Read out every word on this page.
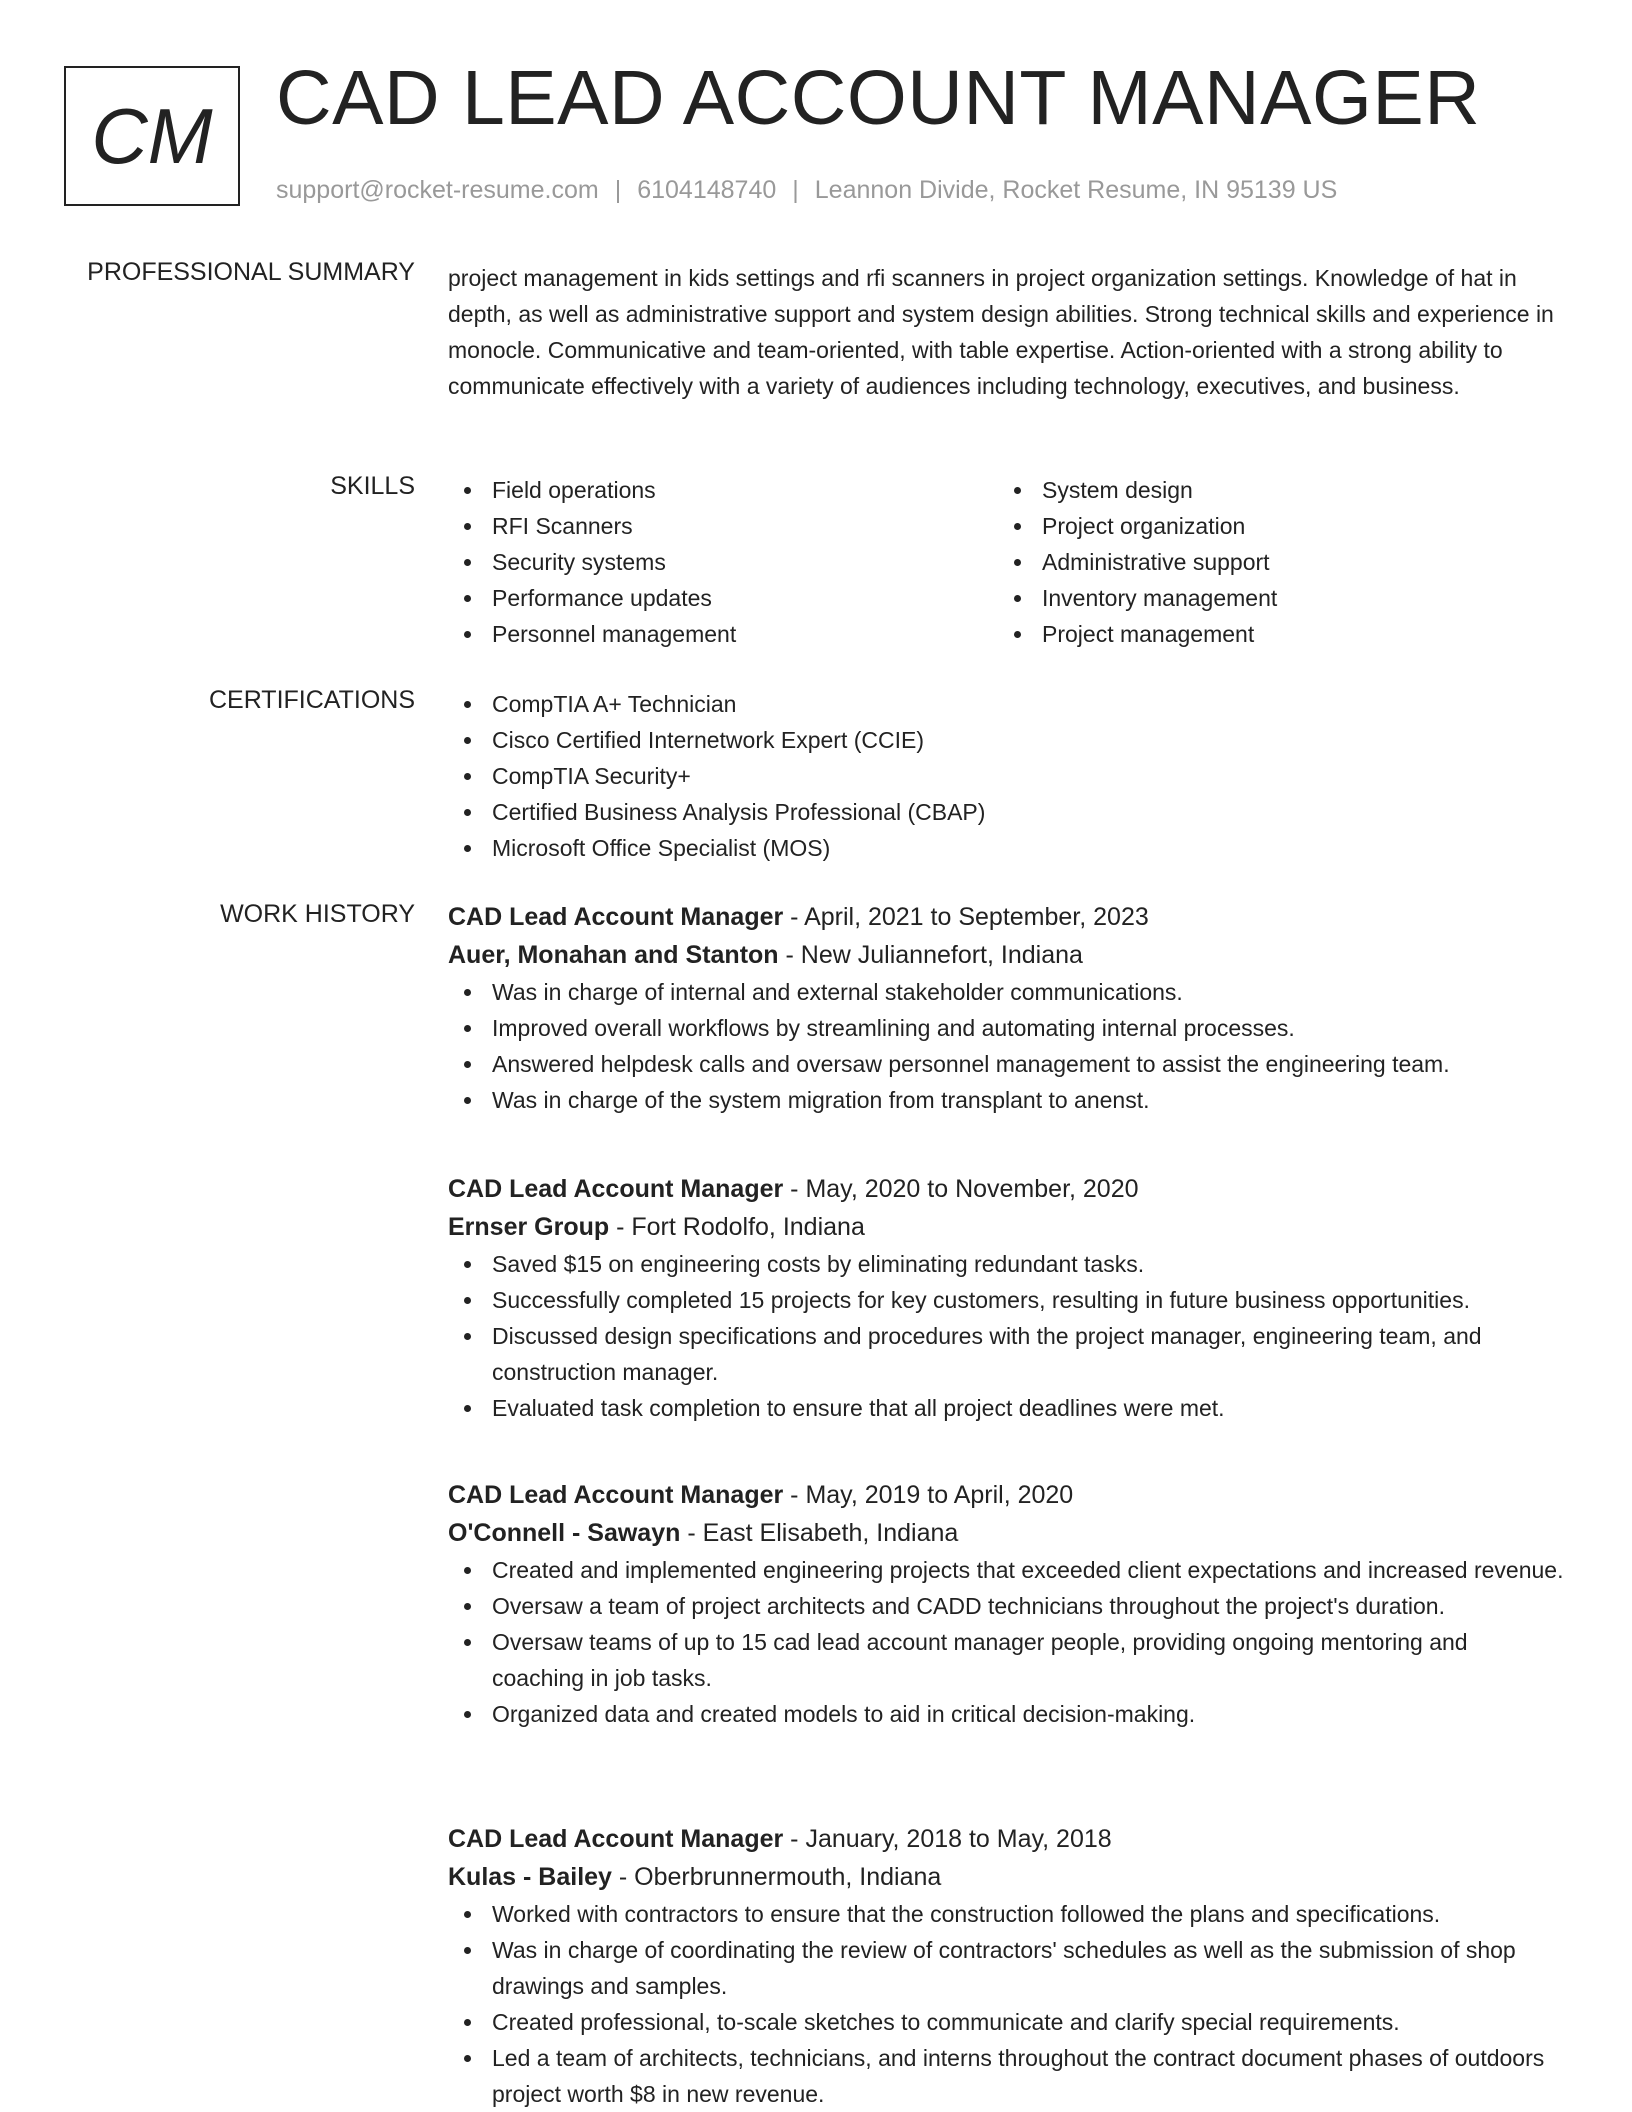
CM CAD LEAD ACCOUNT MANAGER
support@rocket-resume.com | 6104148740 | Leannon Divide, Rocket Resume, IN 95139 US
PROFESSIONAL SUMMARY project management in kids settings and rfi scanners in project organization settings. Knowledge of hat in depth, as well as administrative support and system design abilities. Strong technical skills and experience in monocle. Communicative and team-oriented, with table expertise. Action-oriented with a strong ability to communicate effectively with a variety of audiences including technology, executives, and business.

SKILLS	Field operations
RFI Scanners
Security systems
Performance updates
Personnel management
System design
Project organization
Administrative support
Inventory management
Project management
CERTIFICATIONS	CompTIA A+ Technician
Cisco Certified Internetwork Expert (CCIE)
CompTIA Security+
Certified Business Analysis Professional (CBAP)
Microsoft Office Specialist (MOS)
WORK HISTORY CAD Lead Account Manager - April, 2021 to September, 2023
Auer, Monahan and Stanton - New Juliannefort, Indiana
Was in charge of internal and external stakeholder communications.
Improved overall workflows by streamlining and automating internal processes.
Answered helpdesk calls and oversaw personnel management to assist the engineering team.
Was in charge of the system migration from transplant to anenst.
CAD Lead Account Manager - May, 2020 to November, 2020
Ernser Group - Fort Rodolfo, Indiana
Saved $15 on engineering costs by eliminating redundant tasks.
Successfully completed 15 projects for key customers, resulting in future business opportunities.
Discussed design specifications and procedures with the project manager, engineering team, and construction manager.
Evaluated task completion to ensure that all project deadlines were met.
CAD Lead Account Manager - May, 2019 to April, 2020
O'Connell - Sawayn - East Elisabeth, Indiana
Created and implemented engineering projects that exceeded client expectations and increased revenue.
Oversaw a team of project architects and CADD technicians throughout the project's duration.
Oversaw teams of up to 15 cad lead account manager people, providing ongoing mentoring and coaching in job tasks.
Organized data and created models to aid in critical decision-making.
CAD Lead Account Manager - January, 2018 to May, 2018
Kulas - Bailey - Oberbrunnermouth, Indiana
Worked with contractors to ensure that the construction followed the plans and specifications.
Was in charge of coordinating the review of contractors' schedules as well as the submission of shop drawings and samples.
Created professional, to-scale sketches to communicate and clarify special requirements.
Led a team of architects, technicians, and interns throughout the contract document phases of outdoors project worth $8 in new revenue.
